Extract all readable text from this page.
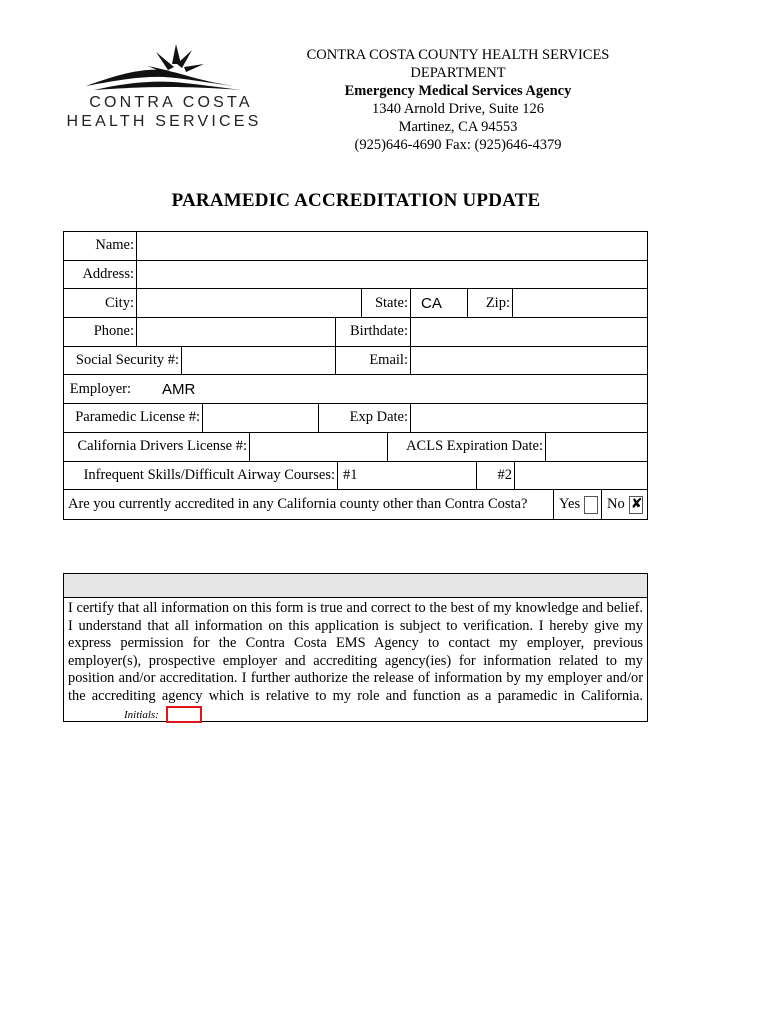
CONTRA COSTA
HEALTH SERVICES
CONTRA COSTA COUNTY HEALTH SERVICES
DEPARTMENT
Emergency Medical Services Agency
1340 Arnold Drive, Suite 126
Martinez, CA 94553
(925)646-4690 Fax: (925)646-4379
PARAMEDIC ACCREDITATION UPDATE
Name:
Address:
City:	State: CA	Zip:
Phone:	Birthdate:
Social Security #:	Email:
Employer:	AMR
Paramedic License #:	Exp Date:
California Drivers License #:	ACLS Expiration Date:
Infrequent Skills/Difficult Airway Courses: #1	#2
Are you currently accredited in any California county other than Contra Costa?	Yes No ✘
I certify that all information on this form is true and correct to the best of my knowledge and belief. I understand that all information on this application is subject to verification. I hereby give my express permission for the Contra Costa EMS Agency to contact my employer, previous employer(s), prospective employer and accrediting agency(ies) for information related to my position and/or accreditation. I further authorize the release of information by my employer and/or the accrediting agency which is relative to my role and function as a paramedic in California. Initials:
